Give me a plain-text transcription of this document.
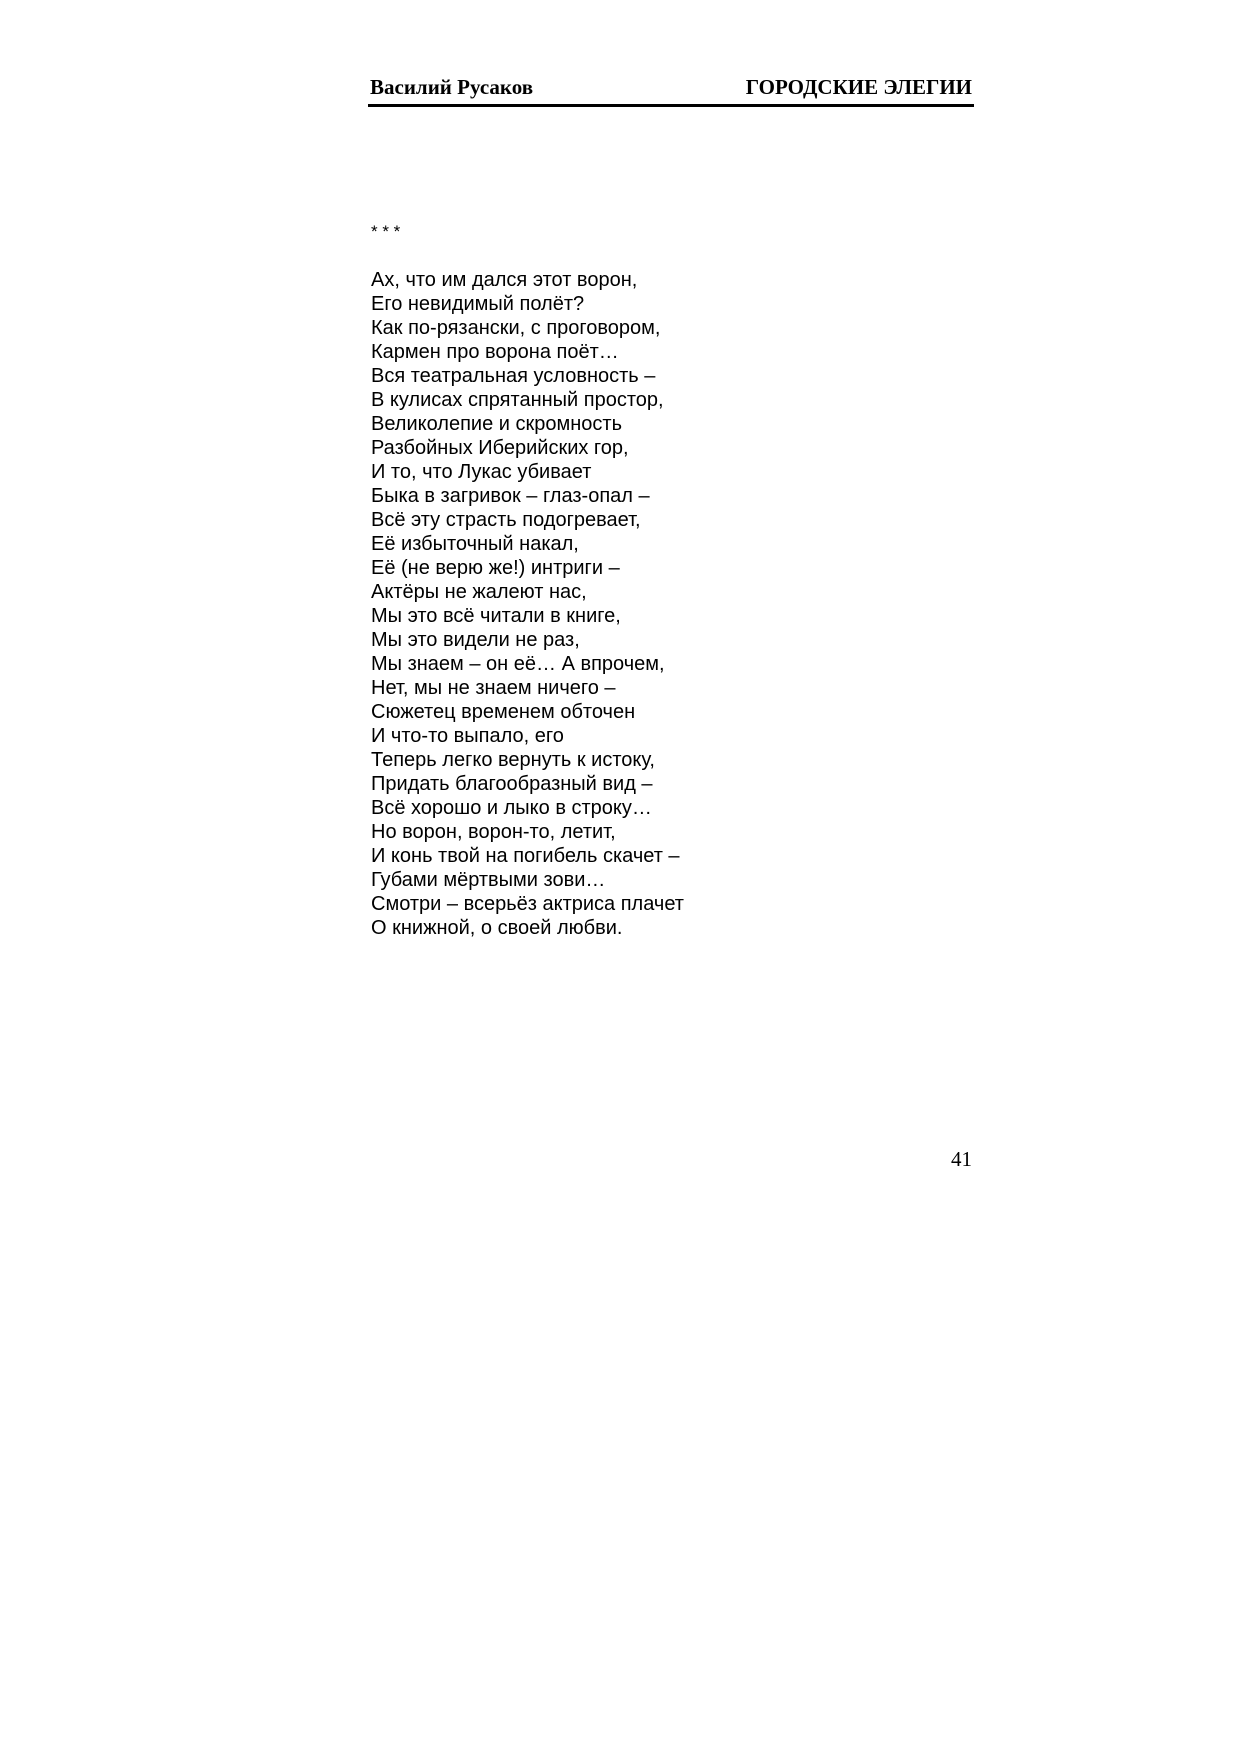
Василий Русаков	ГОРОДСКИЕ ЭЛЕГИИ
* * *
Ах, что им дался этот ворон,
Его невидимый полёт?
Как по-рязански, с проговором,
Кармен про ворона поёт…
Вся театральная условность –
В кулисах спрятанный простор,
Великолепие и скромность
Разбойных Иберийских гор,
И то, что Лукас убивает
Быка в загривок – глаз-опал –
Всё эту страсть подогревает,
Её избыточный накал,
Её (не верю же!) интриги –
Актёры не жалеют нас,
Мы это всё читали в книге,
Мы это видели не раз,
Мы знаем – он её… А впрочем,
Нет, мы не знаем ничего –
Сюжетец временем обточен
И что-то выпало, его
Теперь легко вернуть к истоку,
Придать благообразный вид –
Всё хорошо и лыко в строку…
Но ворон, ворон-то, летит,
И конь твой на погибель скачет –
Губами мёртвыми зови…
Смотри – всерьёз актриса плачет
О книжной, о своей любви.
41
